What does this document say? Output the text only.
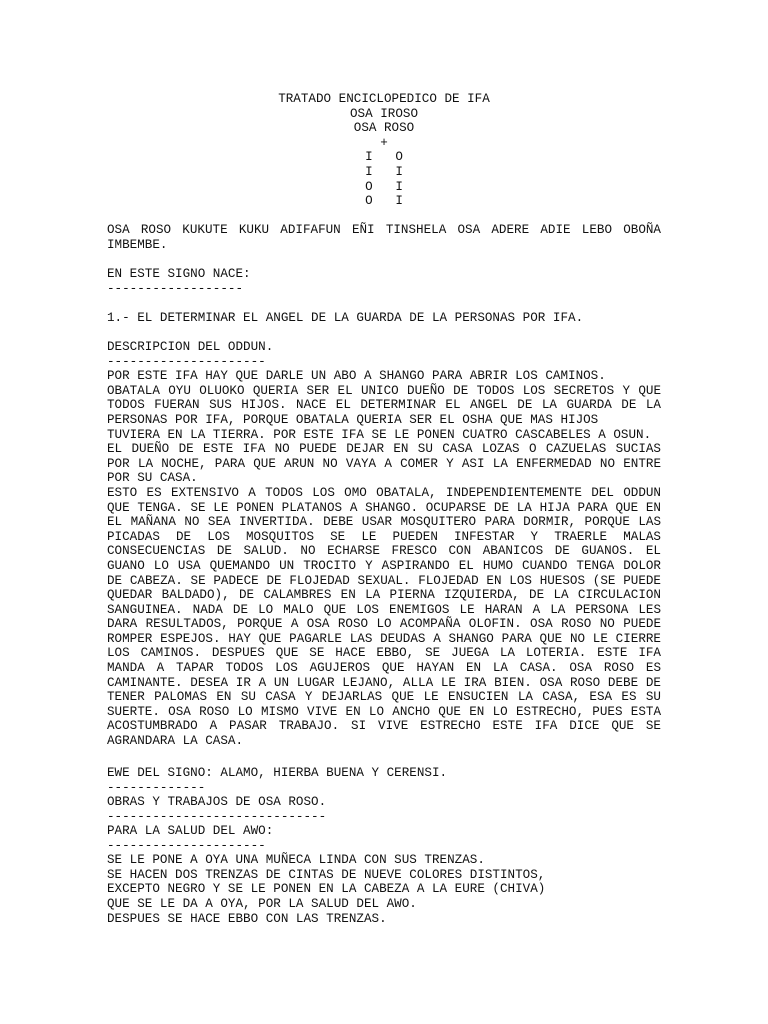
TRATADO ENCICLOPEDICO DE IFA
OSA IROSO
OSA ROSO
+
I   O
I   I
O   I
O   I
OSA ROSO KUKUTE KUKU ADIFAFUN EÑI TINSHELA OSA ADERE ADIE LEBO OBOÑA
IMBEMBE.
EN ESTE SIGNO NACE:
------------------
1.- EL DETERMINAR EL ANGEL DE LA GUARDA DE LA PERSONAS POR IFA.
DESCRIPCION DEL ODDUN.
---------------------
POR ESTE IFA HAY QUE DARLE UN ABO A SHANGO PARA ABRIR LOS CAMINOS.
OBATALA OYU OLUOKO QUERIA SER EL UNICO DUEÑO DE TODOS LOS SECRETOS Y QUE
TODOS FUERAN SUS HIJOS. NACE EL DETERMINAR EL ANGEL DE LA GUARDA DE LA
PERSONAS POR IFA, PORQUE OBATALA QUERIA SER EL OSHA QUE MAS HIJOS
TUVIERA EN LA TIERRA. POR ESTE IFA SE LE PONEN CUATRO CASCABELES A OSUN.
EL DUEÑO DE ESTE IFA NO PUEDE DEJAR EN SU CASA LOZAS O CAZUELAS SUCIAS
POR LA NOCHE, PARA QUE ARUN NO VAYA A COMER Y ASI LA ENFERMEDAD NO ENTRE
POR SU CASA.
ESTO ES EXTENSIVO A TODOS LOS OMO OBATALA, INDEPENDIENTEMENTE DEL ODDUN
QUE TENGA. SE LE PONEN PLATANOS A SHANGO. OCUPARSE DE LA HIJA PARA QUE EN
EL MAÑANA NO SEA INVERTIDA. DEBE USAR MOSQUITERO PARA DORMIR, PORQUE LAS
PICADAS DE LOS MOSQUITOS SE LE PUEDEN INFESTAR Y TRAERLE MALAS
CONSECUENCIAS DE SALUD. NO ECHARSE FRESCO CON ABANICOS DE GUANOS. EL
GUANO LO USA QUEMANDO UN TROCITO Y ASPIRANDO EL HUMO CUANDO TENGA DOLOR
DE CABEZA. SE PADECE DE FLOJEDAD SEXUAL. FLOJEDAD EN LOS HUESOS (SE PUEDE
QUEDAR BALDADO), DE CALAMBRES EN LA PIERNA IZQUIERDA, DE LA CIRCULACION
SANGUINEA. NADA DE LO MALO QUE LOS ENEMIGOS LE HARAN A LA PERSONA LES
DARA RESULTADOS, PORQUE A OSA ROSO LO ACOMPAÑA OLOFIN. OSA ROSO NO PUEDE
ROMPER ESPEJOS. HAY QUE PAGARLE LAS DEUDAS A SHANGO PARA QUE NO LE CIERRE
LOS CAMINOS. DESPUES QUE SE HACE EBBO, SE JUEGA LA LOTERIA. ESTE IFA
MANDA A TAPAR TODOS LOS AGUJEROS QUE HAYAN EN LA CASA. OSA ROSO ES
CAMINANTE. DESEA IR A UN LUGAR LEJANO, ALLA LE IRA BIEN. OSA ROSO DEBE DE
TENER PALOMAS EN SU CASA Y DEJARLAS QUE LE ENSUCIEN LA CASA, ESA ES SU
SUERTE. OSA ROSO LO MISMO VIVE EN LO ANCHO QUE EN LO ESTRECHO, PUES ESTA
ACOSTUMBRADO A PASAR TRABAJO. SI VIVE ESTRECHO ESTE IFA DICE QUE SE
AGRANDARA LA CASA.
EWE DEL SIGNO: ALAMO, HIERBA BUENA Y CERENSI.
-------------
OBRAS Y TRABAJOS DE OSA ROSO.
-----------------------------
PARA LA SALUD DEL AWO:
---------------------
SE LE PONE A OYA UNA MUÑECA LINDA CON SUS TRENZAS.
SE HACEN DOS TRENZAS DE CINTAS DE NUEVE COLORES DISTINTOS,
EXCEPTO NEGRO Y SE LE PONEN EN LA CABEZA A LA EURE (CHIVA)
QUE SE LE DA A OYA, POR LA SALUD DEL AWO.
DESPUES SE HACE EBBO CON LAS TRENZAS.
